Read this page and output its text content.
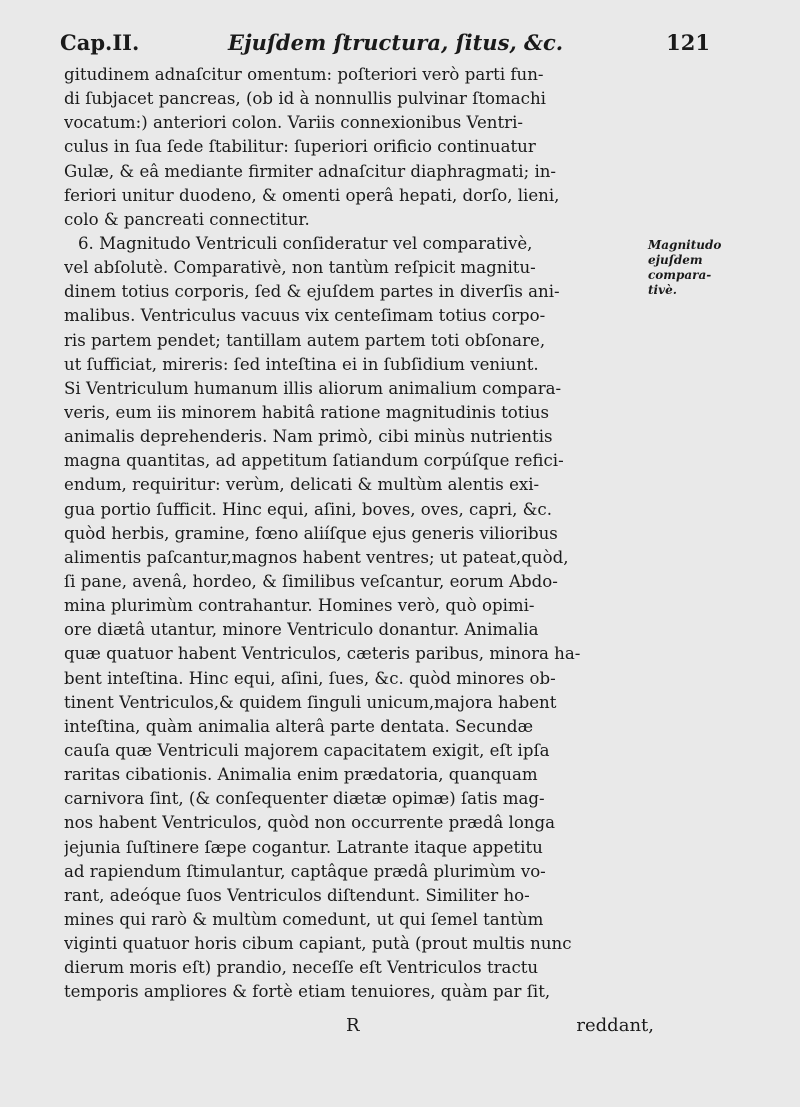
Cap.II.	Ejuſdem ſtructura, ſitus, &c.	121
gitudinem adnaſcitur omentum: poſteriori verò parti fun-
di ſubjacet pancreas, (ob id à nonnullis pulvinar ſtomachi
vocatum:) anteriori colon. Variis connexionibus Ventri-
culus in ſua ſede ſtabilitur: ſuperiori orificio continuatur
Gulæ, & eâ mediante firmiter adnaſcitur diaphragmati; in-
feriori unitur duodeno, & omenti operâ hepati, dorſo, lieni,
colo & pancreati connectitur.
6. Magnitudo Ventriculi conſideratur vel comparativè,
vel abſolutè. Comparativè, non tantùm reſpicit magnitu-
dinem totius corporis, ſed & ejuſdem partes in diverſis ani-
malibus. Ventriculus vacuus vix centeſimam totius corpo-
ris partem pendet; tantillam autem partem toti obſonare,
ut ſufficiat, mireris: ſed inteſtina ei in ſubſidium veniunt.
Si Ventriculum humanum illis aliorum animalium compara-
veris, eum iis minorem habitâ ratione magnitudinis totius
animalis deprehenderis. Nam primò, cibi minùs nutrientis
magna quantitas, ad appetitum ſatiandum corpúſque refici-
endum, requiritur: verùm, delicati & multùm alentis exi-
gua portio ſufficit. Hinc equi, aſini, boves, oves, capri, &c.
quòd herbis, gramine, fœno aliíſque ejus generis vilioribus
alimentis paſcantur,magnos habent ventres; ut pateat,quòd,
ſi pane, avenâ, hordeo, & ſimilibus veſcantur, eorum Abdo-
mina plurimùm contrahantur. Homines verò, quò opimi-
ore diætâ utantur, minore Ventriculo donantur. Animalia
quæ quatuor habent Ventriculos, cæteris paribus, minora ha-
bent inteſtina. Hinc equi, aſini, ſues, &c. quòd minores ob-
tinent Ventriculos,& quidem ſinguli unicum,majora habent
inteſtina, quàm animalia alterâ parte dentata. Secundæ
cauſa quæ Ventriculi majorem capacitatem exigit, eſt ipſa
raritas cibationis. Animalia enim prædatoria, quanquam
carnivora ſint, (& conſequenter diætæ opimæ) ſatis mag-
nos habent Ventriculos, quòd non occurrente prædâ longa
jejunia ſuſtinere ſæpe cogantur. Latrante itaque appetitu
ad rapiendum ſtimulantur, captâque prædâ plurimùm vo-
rant, adeóque ſuos Ventriculos diſtendunt. Similiter ho-
mines qui rarò & multùm comedunt, ut qui ſemel tantùm
viginti quatuor horis cibum capiant, putà (prout multis nunc
dierum moris eſt) prandio, neceſſe eſt Ventriculos tractu
temporis ampliores & fortè etiam tenuiores, quàm par ſit,
Magnitudo
ejuſdem
compara-
tivè.
R	reddant,
